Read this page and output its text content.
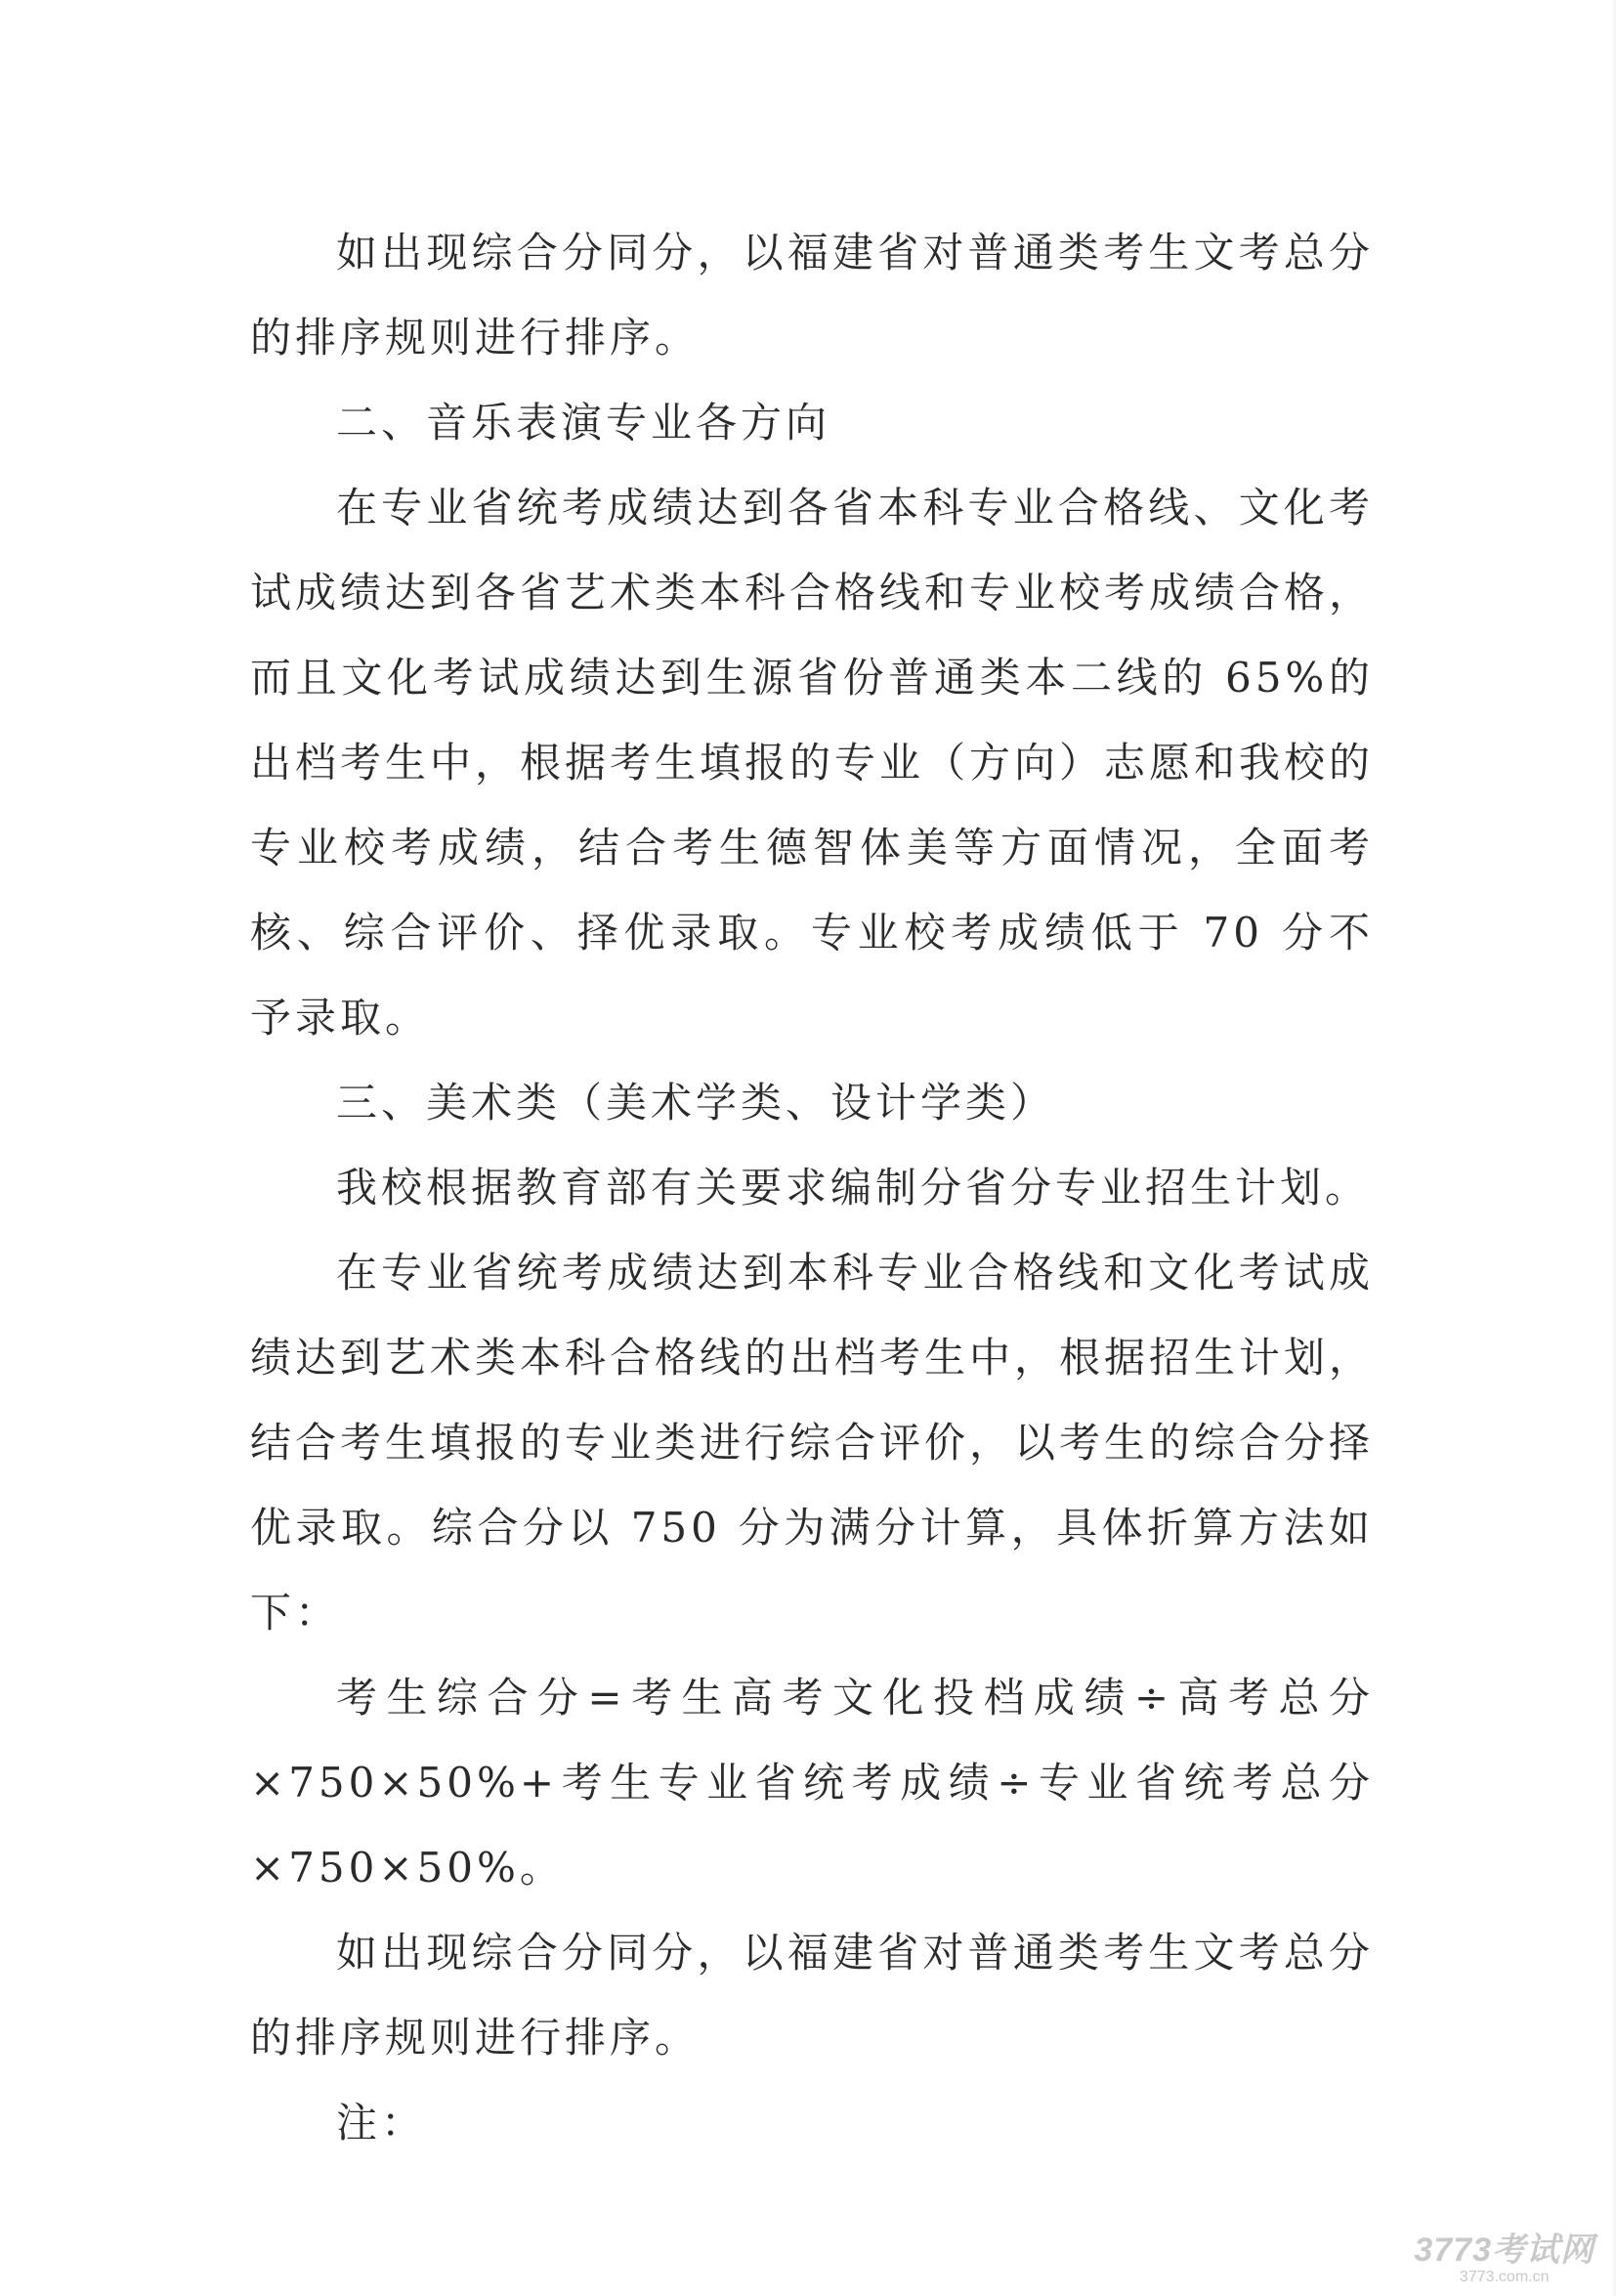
如出现综合分同分，以福建省对普通类考生文考总分的排序规则进行排序。

二、音乐表演专业各方向

在专业省统考成绩达到各省本科专业合格线、文化考试成绩达到各省艺术类本科合格线和专业校考成绩合格，而且文化考试成绩达到生源省份普通类本二线的 65%的出档考生中，根据考生填报的专业（方向）志愿和我校的专业校考成绩，结合考生德智体美等方面情况，全面考核、综合评价、择优录取。专业校考成绩低于 70 分不予录取。

三、美术类（美术学类、设计学类）

我校根据教育部有关要求编制分省分专业招生计划。

在专业省统考成绩达到本科专业合格线和文化考试成绩达到艺术类本科合格线的出档考生中，根据招生计划，结合考生填报的专业类进行综合评价，以考生的综合分择优录取。综合分以 750 分为满分计算，具体折算方法如下：

考生综合分=考生高考文化投档成绩÷高考总分×750×50%+考生专业省统考成绩÷专业省统考总分×750×50%。

如出现综合分同分，以福建省对普通类考生文考总分的排序规则进行排序。

注：

3773考试网
3773.com.cn
